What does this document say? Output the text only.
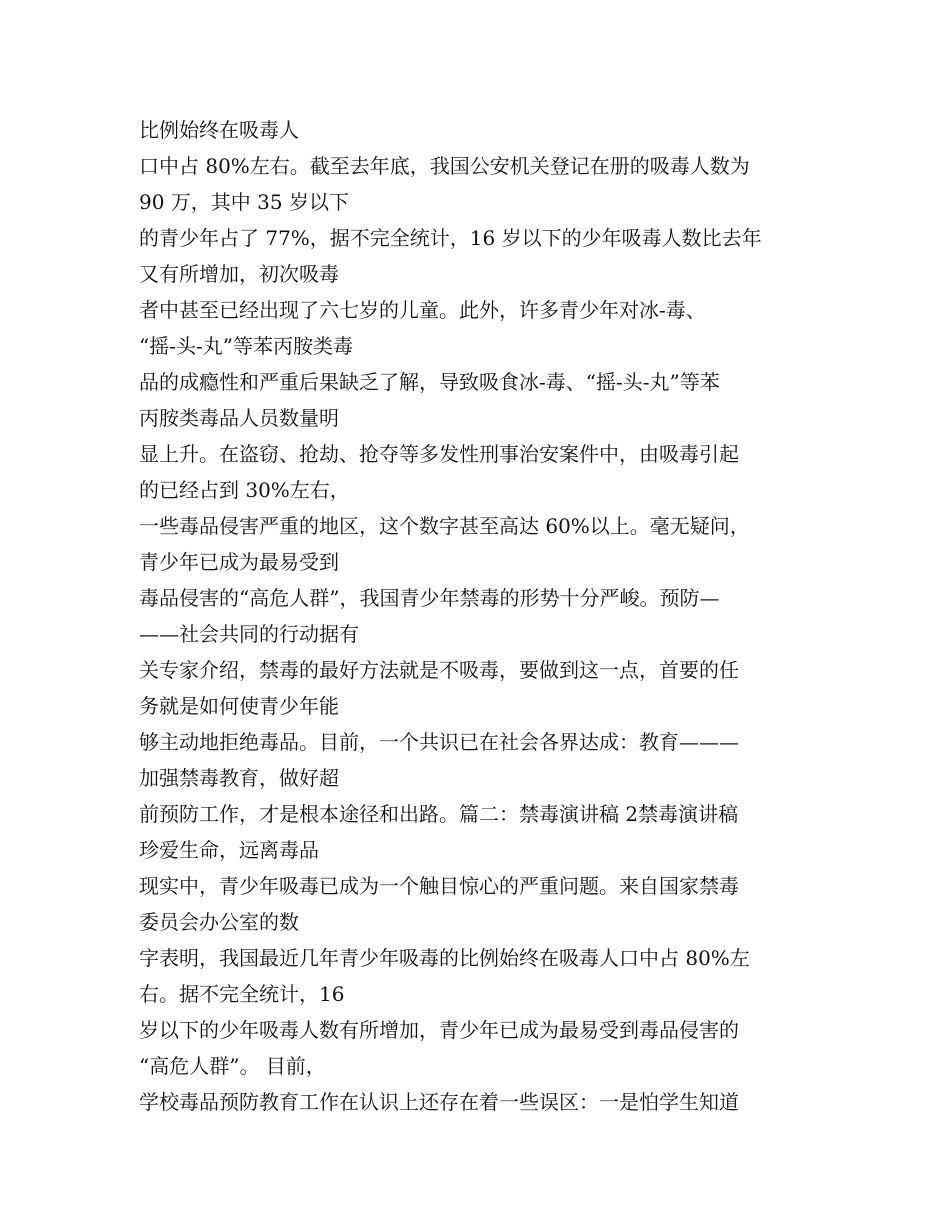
比例始终在吸毒人
口中占 80%左右。截至去年底，我国公安机关登记在册的吸毒人数为
90 万，其中 35 岁以下
的青少年占了 77%，据不完全统计，16 岁以下的少年吸毒人数比去年
又有所增加，初次吸毒
者中甚至已经出现了六七岁的儿童。此外，许多青少年对冰-毒、
“摇-头-丸”等苯丙胺类毒
品的成瘾性和严重后果缺乏了解，导致吸食冰-毒、“摇-头-丸”等苯
丙胺类毒品人员数量明
显上升。在盗窃、抢劫、抢夺等多发性刑事治安案件中，由吸毒引起
的已经占到 30%左右，
一些毒品侵害严重的地区，这个数字甚至高达 60%以上。毫无疑问，
青少年已成为最易受到
毒品侵害的“高危人群”，我国青少年禁毒的形势十分严峻。预防—
——社会共同的行动据有
关专家介绍，禁毒的最好方法就是不吸毒，要做到这一点，首要的任
务就是如何使青少年能
够主动地拒绝毒品。目前，一个共识已在社会各界达成：教育———
加强禁毒教育，做好超
前预防工作，才是根本途径和出路。篇二：禁毒演讲稿 2禁毒演讲稿
珍爱生命，远离毒品
现实中，青少年吸毒已成为一个触目惊心的严重问题。来自国家禁毒
委员会办公室的数
字表明，我国最近几年青少年吸毒的比例始终在吸毒人口中占 80%左
右。据不完全统计，16
岁以下的少年吸毒人数有所增加，青少年已成为最易受到毒品侵害的
“高危人群”。 目前，
学校毒品预防教育工作在认识上还存在着一些误区：一是怕学生知道
